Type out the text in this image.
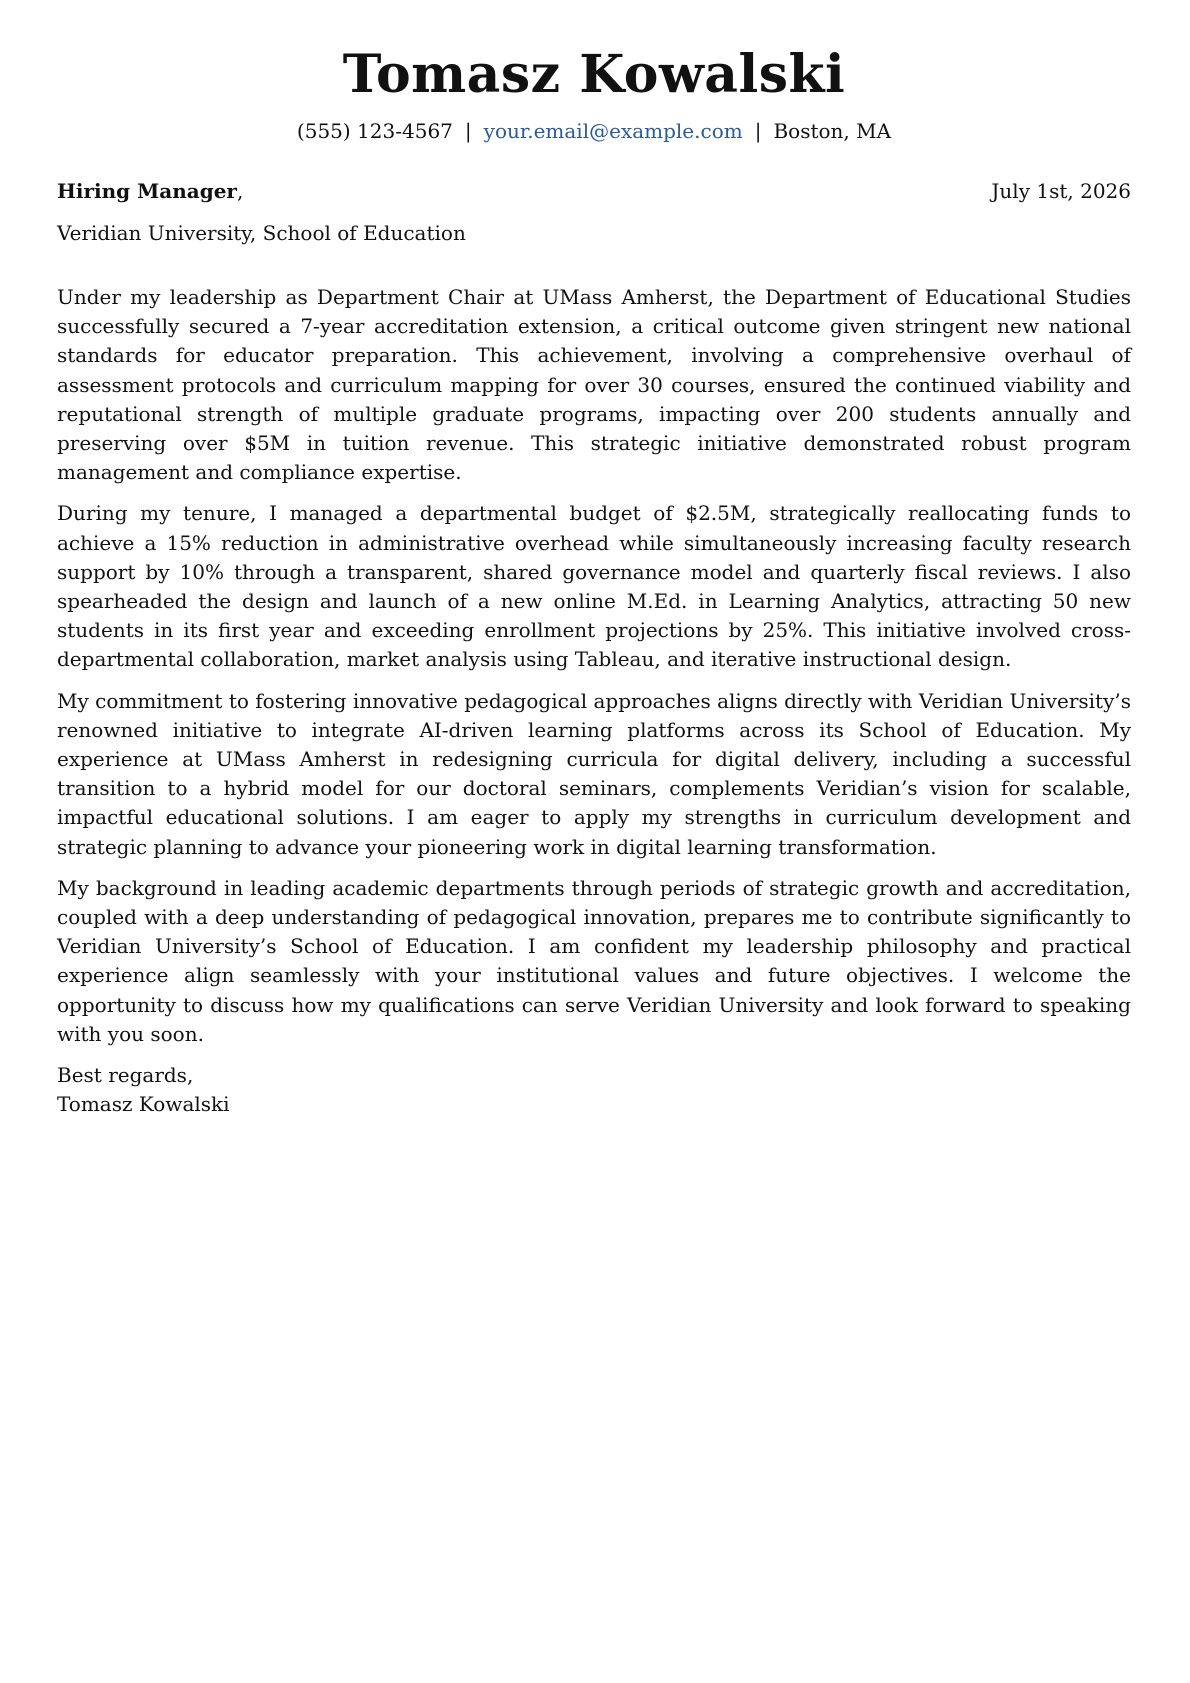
Tomasz Kowalski
(555) 123-4567 | your.email@example.com | Boston, MA
Hiring Manager,	July 1st, 2026
Veridian University, School of Education

Under my leadership as Department Chair at UMass Amherst, the Department of Educational Studies successfully secured a 7-year accreditation extension, a critical outcome given stringent new national standards for educator preparation. This achievement, involving a comprehensive overhaul of assessment protocols and curriculum mapping for over 30 courses, ensured the continued viability and reputational strength of multiple graduate programs, impacting over 200 students annually and preserving over $5M in tuition revenue. This strategic initiative demonstrated robust program management and compliance expertise.

During my tenure, I managed a departmental budget of $2.5M, strategically reallocating funds to achieve a 15% reduction in administrative overhead while simultaneously increasing faculty research support by 10% through a transparent, shared governance model and quarterly fiscal reviews. I also spearheaded the design and launch of a new online M.Ed. in Learning Analytics, attracting 50 new students in its first year and exceeding enrollment projections by 25%. This initiative involved cross-departmental collaboration, market analysis using Tableau, and iterative instructional design.

My commitment to fostering innovative pedagogical approaches aligns directly with Veridian University’s renowned initiative to integrate AI-driven learning platforms across its School of Education. My experience at UMass Amherst in redesigning curricula for digital delivery, including a successful transition to a hybrid model for our doctoral seminars, complements Veridian’s vision for scalable, impactful educational solutions. I am eager to apply my strengths in curriculum development and strategic planning to advance your pioneering work in digital learning transformation.

My background in leading academic departments through periods of strategic growth and accreditation, coupled with a deep understanding of pedagogical innovation, prepares me to contribute significantly to Veridian University’s School of Education. I am confident my leadership philosophy and practical experience align seamlessly with your institutional values and future objectives. I welcome the opportunity to discuss how my qualifications can serve Veridian University and look forward to speaking with you soon.

Best regards,
Tomasz Kowalski
